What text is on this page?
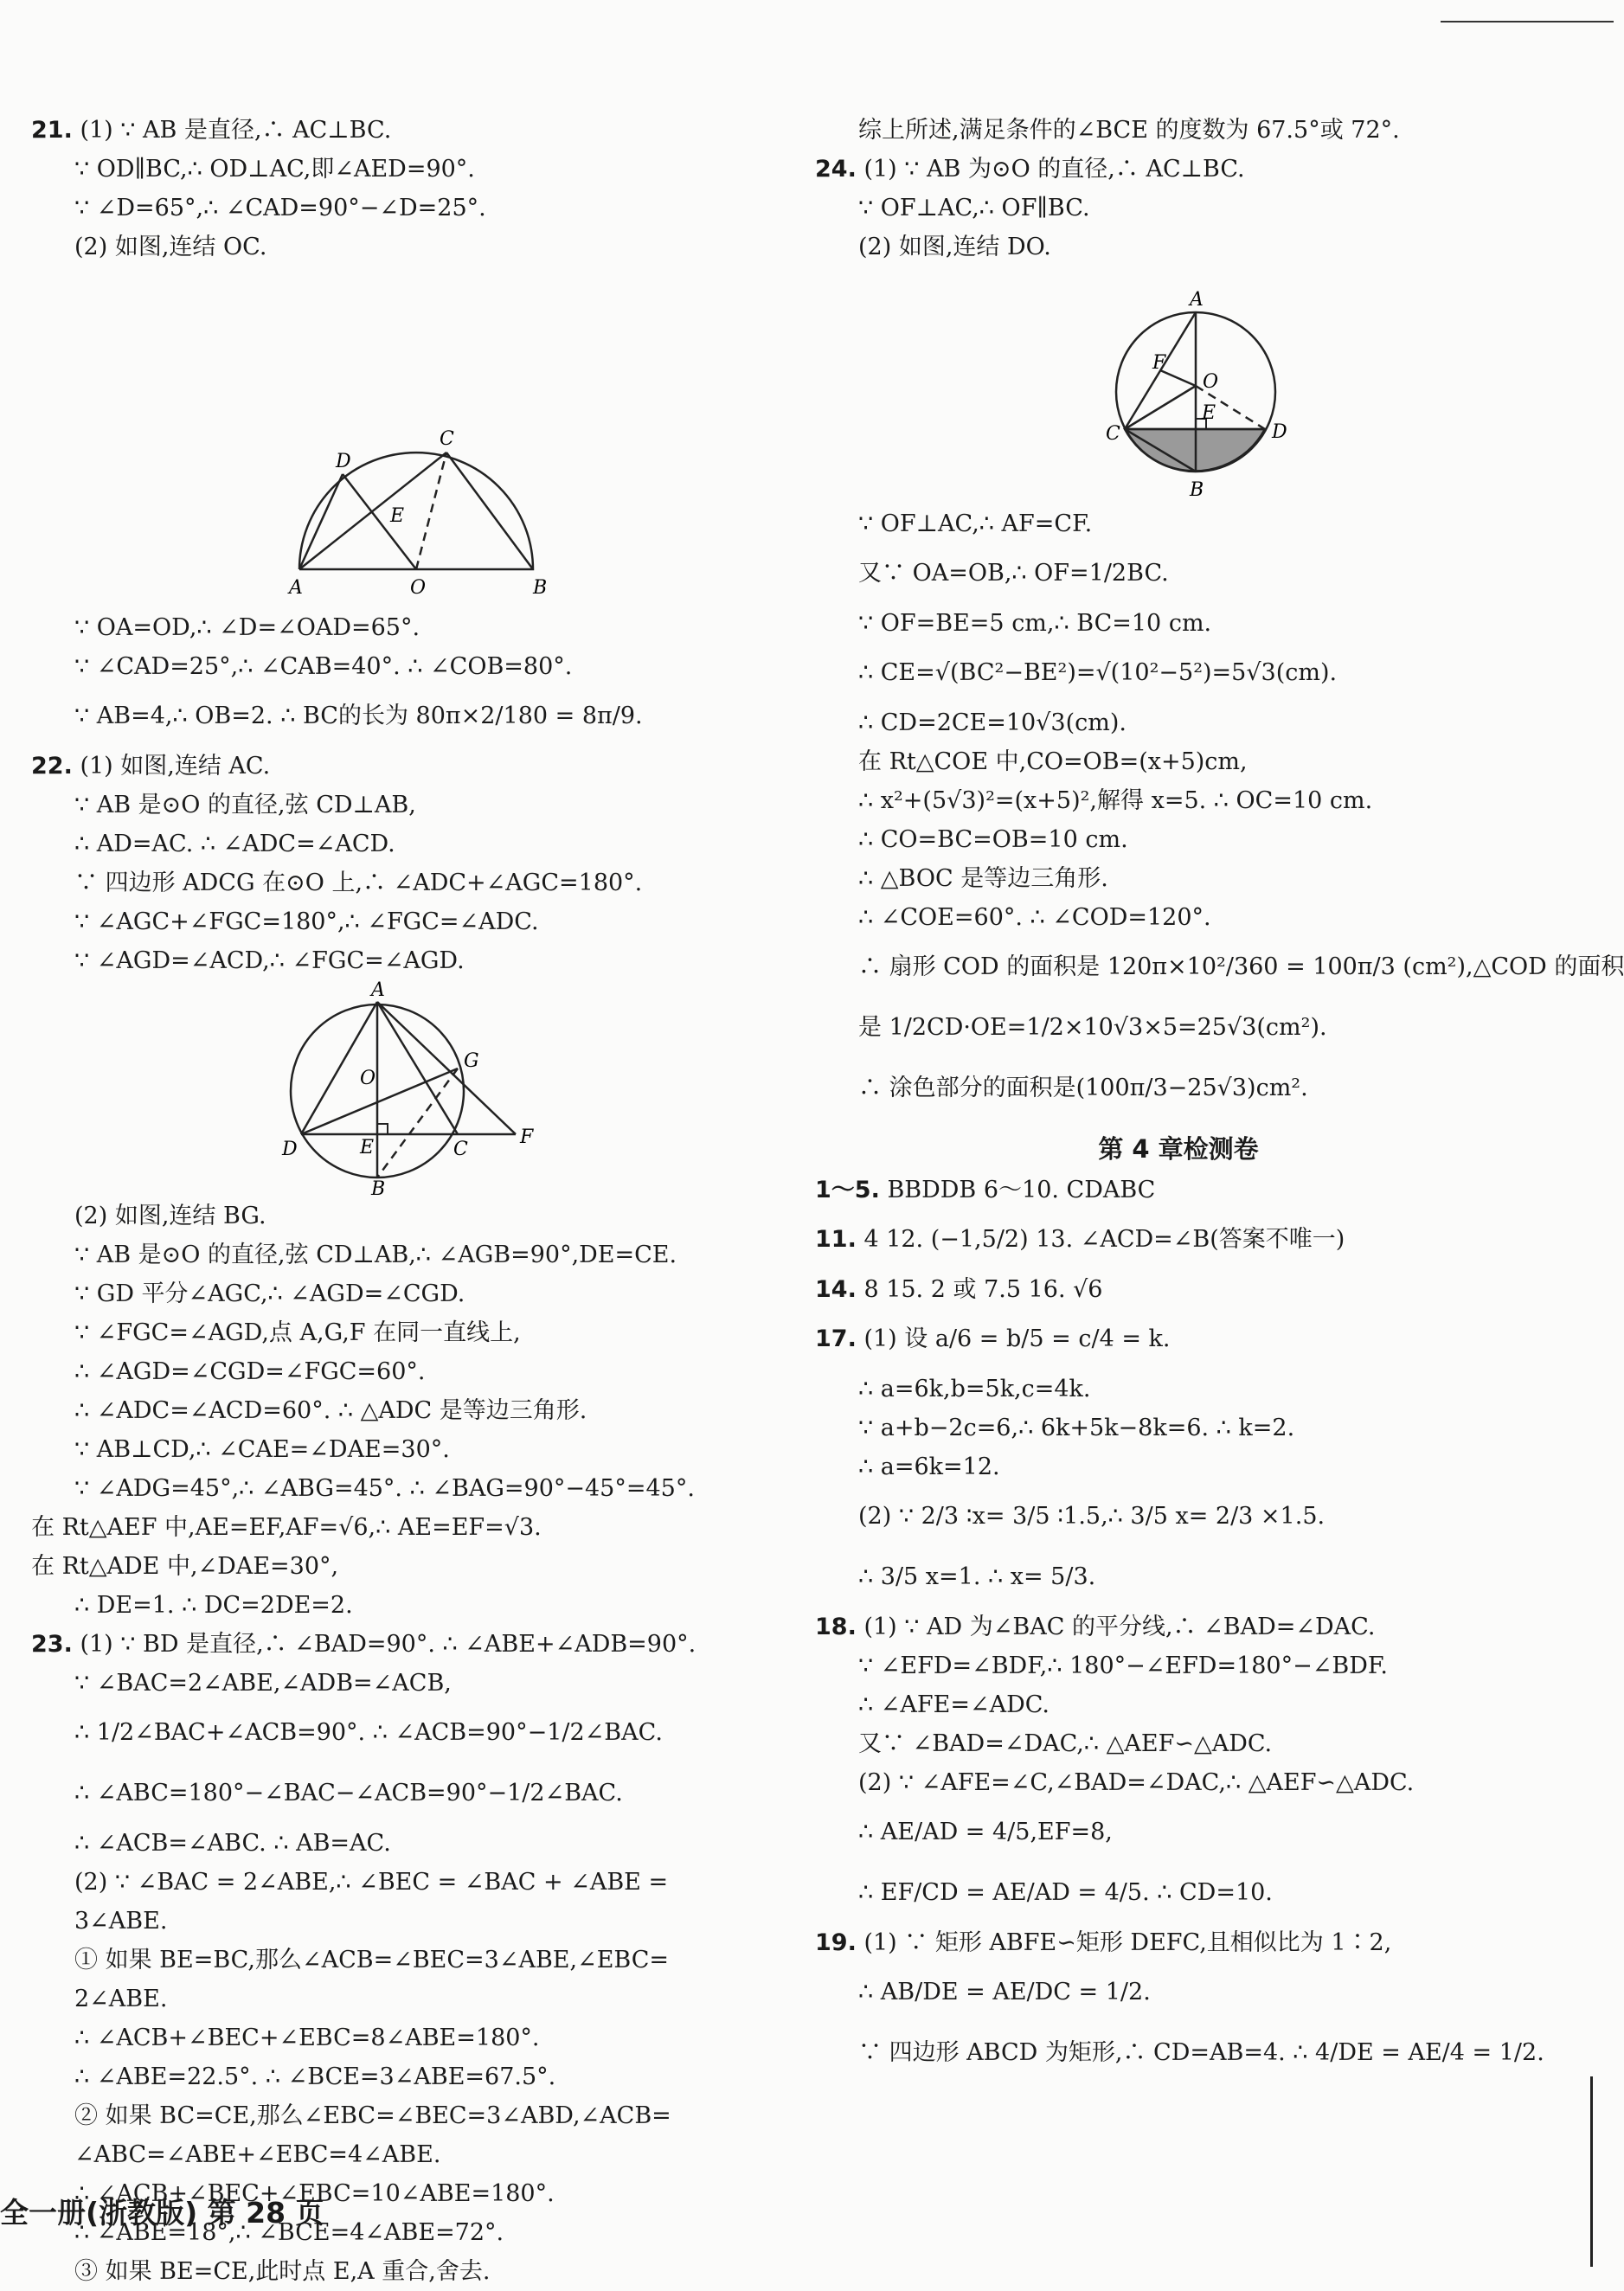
21. (1) ∵ AB 是直径,∴ AC⊥BC.
∵ OD∥BC,∴ OD⊥AC,即∠AED=90°.
∵ ∠D=65°,∴ ∠CAD=90°−∠D=25°.
(2) 如图,连结 OC.
D
C
E
A	O	B
∵ OA=OD,∴ ∠D=∠OAD=65°.
∵ ∠CAD=25°,∴ ∠CAB=40°. ∴ ∠COB=80°.
∵ AB=4,∴ OB=2. ∴ BC的长为 80π×2/180 = 8π/9.
22. (1) 如图,连结 AC.
∵ AB 是⊙O 的直径,弦 CD⊥AB,
∴ AD=AC. ∴ ∠ADC=∠ACD.
∵ 四边形 ADCG 在⊙O 上,∴ ∠ADC+∠AGC=180°.
∵ ∠AGC+∠FGC=180°,∴ ∠FGC=∠ADC.
∵ ∠AGD=∠ACD,∴ ∠FGC=∠AGD.
A
O
G
D	E	C
F
B
(2) 如图,连结 BG.
∵ AB 是⊙O 的直径,弦 CD⊥AB,∴ ∠AGB=90°,DE=CE.
∵ GD 平分∠AGC,∴ ∠AGD=∠CGD.
∵ ∠FGC=∠AGD,点 A,G,F 在同一直线上,
∴ ∠AGD=∠CGD=∠FGC=60°.
∴ ∠ADC=∠ACD=60°. ∴ △ADC 是等边三角形.
∵ AB⊥CD,∴ ∠CAE=∠DAE=30°.
∵ ∠ADG=45°,∴ ∠ABG=45°. ∴ ∠BAG=90°−45°=45°.
在 Rt△AEF 中,AE=EF,AF=√6,∴ AE=EF=√3.
在 Rt△ADE 中,∠DAE=30°,
∴ DE=1. ∴ DC=2DE=2.
23. (1) ∵ BD 是直径,∴ ∠BAD=90°. ∴ ∠ABE+∠ADB=90°.
∵ ∠BAC=2∠ABE,∠ADB=∠ACB,
∴ 1/2∠BAC+∠ACB=90°. ∴ ∠ACB=90°−1/2∠BAC.
∴ ∠ABC=180°−∠BAC−∠ACB=90°−1/2∠BAC.
∴ ∠ACB=∠ABC. ∴ AB=AC.
(2) ∵ ∠BAC = 2∠ABE,∴ ∠BEC = ∠BAC + ∠ABE =
3∠ABE.
① 如果 BE=BC,那么∠ACB=∠BEC=3∠ABE,∠EBC=
2∠ABE.
∴ ∠ACB+∠BEC+∠EBC=8∠ABE=180°.
∴ ∠ABE=22.5°. ∴ ∠BCE=3∠ABE=67.5°.
② 如果 BC=CE,那么∠EBC=∠BEC=3∠ABD,∠ACB=
∠ABC=∠ABE+∠EBC=4∠ABE.
∴ ∠ACB+∠BEC+∠EBC=10∠ABE=180°.
∴ ∠ABE=18°,∴ ∠BCE=4∠ABE=72°.
③ 如果 BE=CE,此时点 E,A 重合,舍去.
综上所述,满足条件的∠BCE 的度数为 67.5°或 72°.
24. (1) ∵ AB 为⊙O 的直径,∴ AC⊥BC.
∵ OF⊥AC,∴ OF∥BC.
(2) 如图,连结 DO.
A
F
O
E
C	D
B
∵ OF⊥AC,∴ AF=CF.
又∵ OA=OB,∴ OF=1/2BC.
∵ OF=BE=5 cm,∴ BC=10 cm.
∴ CE=√(BC²−BE²)=√(10²−5²)=5√3(cm).
∴ CD=2CE=10√3(cm).
在 Rt△COE 中,CO=OB=(x+5)cm,
∴ x²+(5√3)²=(x+5)²,解得 x=5. ∴ OC=10 cm.
∴ CO=BC=OB=10 cm.
∴ △BOC 是等边三角形.
∴ ∠COE=60°. ∴ ∠COD=120°.
∴ 扇形 COD 的面积是 120π×10²/360 = 100π/3 (cm²),△COD 的面积
是 1/2CD·OE=1/2×10√3×5=25√3(cm²).
∴ 涂色部分的面积是(100π/3−25√3)cm².
第 4 章检测卷
1～5. BBDDB 6～10. CDABC
11. 4 12. (−1,5/2) 13. ∠ACD=∠B(答案不唯一)
14. 8 15. 2 或 7.5 16. √6
17. (1) 设 a/6 = b/5 = c/4 = k.
∴ a=6k,b=5k,c=4k.
∵ a+b−2c=6,∴ 6k+5k−8k=6. ∴ k=2.
∴ a=6k=12.
(2) ∵ 2/3 ∶x= 3/5 ∶1.5,∴ 3/5 x= 2/3 ×1.5.
∴ 3/5 x=1. ∴ x= 5/3.
18. (1) ∵ AD 为∠BAC 的平分线,∴ ∠BAD=∠DAC.
∵ ∠EFD=∠BDF,∴ 180°−∠EFD=180°−∠BDF.
∴ ∠AFE=∠ADC.
又∵ ∠BAD=∠DAC,∴ △AEF∽△ADC.
(2) ∵ ∠AFE=∠C,∠BAD=∠DAC,∴ △AEF∽△ADC.
∴ AE/AD = 4/5,EF=8,
∴ EF/CD = AE/AD = 4/5. ∴ CD=10.
19. (1) ∵ 矩形 ABFE∽矩形 DEFC,且相似比为 1∶2,
∴ AB/DE = AE/DC = 1/2.
∵ 四边形 ABCD 为矩形,∴ CD=AB=4. ∴ 4/DE = AE/4 = 1/2.
全一册(浙教版) 第 28 页
